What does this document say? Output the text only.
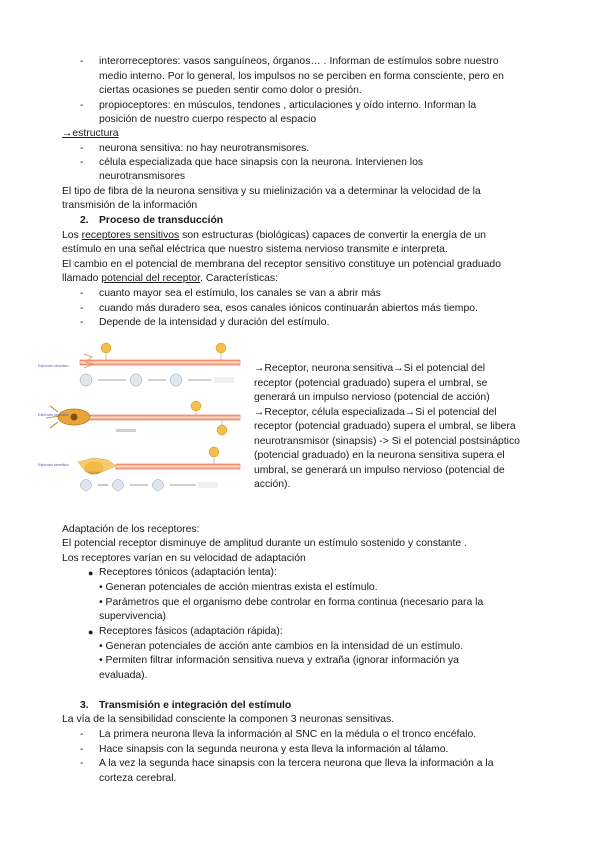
- interorreceptores: vasos sanguíneos, órganos… . Informan de estímulos sobre nuestro
medio interno. Por lo general, los impulsos no se perciben en forma consciente, pero en
ciertas ocasiones se pueden sentir como dolor o presión.
- propioceptores: en músculos, tendones , articulaciones y oído interno. Informan la
posición de nuestro cuerpo respecto al espacio
→estructura
- neurona sensitiva: no hay neurotransmisores.
- célula especializada que hace sinapsis con la neurona. Intervienen los
neurotransmisores
El tipo de fibra de la neurona sensitiva y su mielinización va a determinar la velocidad de la
transmisión de la información
2. Proceso de transducción
Los receptores sensitivos son estructuras (biológicas) capaces de convertir la energía de un
estímulo en una señal eléctrica que nuestro sistema nervioso transmite e interpreta.
El cambio en el potencial de membrana del receptor sensitivo constituye un potencial graduado
llamado potencial del receptor. Características:
- cuanto mayor sea el estímulo, los canales se van a abrir más
- cuando más duradero sea, esos canales iónicos continuarán abiertos más tiempo.
- Depende de la intensidad y duración del estímulo.
Estímulo sensitivo
Estímulo sensitivo
Estímulo sensitivo
→Receptor, neurona sensitiva→Si el potencial del
receptor (potencial graduado) supera el umbral, se
generará un impulso nervioso (potencial de acción)
→Receptor, célula especializada→Si el potencial del
receptor (potencial graduado) supera el umbral, se libera
neurotransmisor (sinapsis) -> Si el potencial postsináptico
(potencial graduado) en la neurona sensitiva supera el
umbral, se generará un impulso nervioso (potencial de
acción).
Adaptación de los receptores:
El potencial receptor disminuye de amplitud durante un estímulo sostenido y constante .
Los receptores varían en su velocidad de adaptación
● Receptores tónicos (adaptación lenta):
• Generan potenciales de acción mientras exista el estímulo.
• Parámetros que el organismo debe controlar en forma continua (necesario para la
supervivencia)
● Receptores fásicos (adaptación rápida):
• Generan potenciales de acción ante cambios en la intensidad de un estímulo.
• Permiten filtrar información sensitiva nueva y extraña (ignorar información ya
evaluada).
3. Transmisión e integración del estímulo
La vía de la sensibilidad consciente la componen 3 neuronas sensitivas.
- La primera neurona lleva la información al SNC en la médula o el tronco encéfalo.
- Hace sinapsis con la segunda neurona y esta lleva la información al tálamo.
- A la vez la segunda hace sinapsis con la tercera neurona que lleva la información a la
corteza cerebral.
